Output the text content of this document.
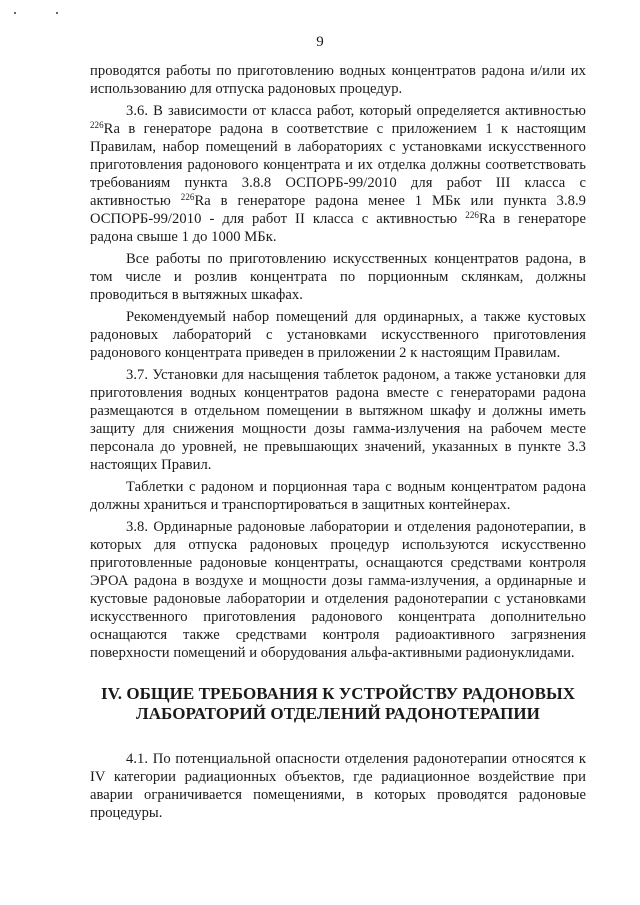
9

проводятся работы по приготовлению водных концентратов радона и/или их использованию для отпуска радоновых процедур.

3.6. В зависимости от класса работ, который определяется активностью $^{226}$Ra в генераторе радона в соответствие с приложением 1 к настоящим Правилам, набор помещений в лабораториях с установками искусственного приготовления радонового концентрата и их отделка должны соответствовать требованиям пункта 3.8.8 ОСПОРБ-99/2010 для работ III класса с активностью $^{226}$Ra в генераторе радона менее 1 МБк или пункта 3.8.9 ОСПОРБ-99/2010 - для работ II класса с активностью $^{226}$Ra в генераторе радона свыше 1 до 1000 МБк.

Все работы по приготовлению искусственных концентратов радона, в том числе и розлив концентрата по порционным склянкам, должны проводиться в вытяжных шкафах.

Рекомендуемый набор помещений для ординарных, а также кустовых радоновых лабораторий с установками искусственного приготовления радонового концентрата приведен в приложении 2 к настоящим Правилам.

3.7. Установки для насыщения таблеток радоном, а также установки для приготовления водных концентратов радона вместе с генераторами радона размещаются в отдельном помещении в вытяжном шкафу и должны иметь защиту для снижения мощности дозы гамма-излучения на рабочем месте персонала до уровней, не превышающих значений, указанных в пункте 3.3 настоящих Правил.

Таблетки с радоном и порционная тара с водным концентратом радона должны храниться и транспортироваться в защитных контейнерах.

3.8. Ординарные радоновые лаборатории и отделения радонотерапии, в которых для отпуска радоновых процедур используются искусственно приготовленные радоновые концентраты, оснащаются средствами контроля ЭРОА радона в воздухе и мощности дозы гамма-излучения, а ординарные и кустовые радоновые лаборатории и отделения радонотерапии с установками искусственного приготовления радонового концентрата дополнительно оснащаются также средствами контроля радиоактивного загрязнения поверхности помещений и оборудования альфа-активными радионуклидами.

IV. ОБЩИЕ ТРЕБОВАНИЯ К УСТРОЙСТВУ РАДОНОВЫХ
ЛАБОРАТОРИЙ ОТДЕЛЕНИЙ РАДОНОТЕРАПИИ

4.1. По потенциальной опасности отделения радонотерапии относятся к IV категории радиационных объектов, где радиационное воздействие при аварии ограничивается помещениями, в которых проводятся радоновые процедуры.
